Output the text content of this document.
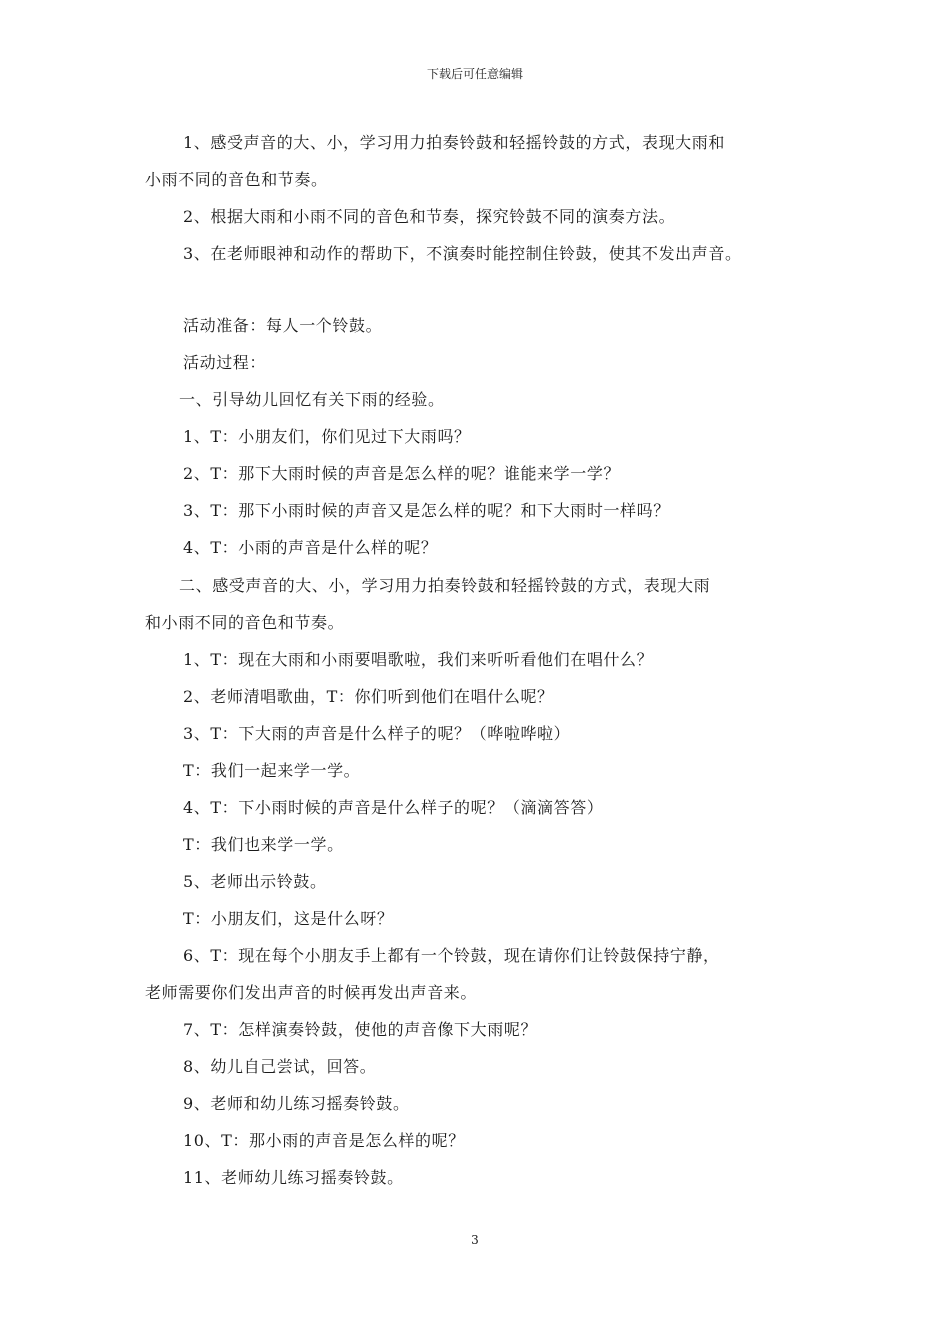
下载后可任意编辑
1、感受声音的大、小，学习用力拍奏铃鼓和轻摇铃鼓的方式，表现大雨和
小雨不同的音色和节奏。
2、根据大雨和小雨不同的音色和节奏，探究铃鼓不同的演奏方法。
3、在老师眼神和动作的帮助下，不演奏时能控制住铃鼓，使其不发出声音。
活动准备：每人一个铃鼓。
活动过程：
一、引导幼儿回忆有关下雨的经验。
1、T：小朋友们，你们见过下大雨吗？
2、T：那下大雨时候的声音是怎么样的呢？谁能来学一学？
3、T：那下小雨时候的声音又是怎么样的呢？和下大雨时一样吗？
4、T：小雨的声音是什么样的呢？
二、感受声音的大、小，学习用力拍奏铃鼓和轻摇铃鼓的方式，表现大雨
和小雨不同的音色和节奏。
1、T：现在大雨和小雨要唱歌啦，我们来听听看他们在唱什么？
2、老师清唱歌曲，T：你们听到他们在唱什么呢？
3、T：下大雨的声音是什么样子的呢？（哗啦哗啦）
T：我们一起来学一学。
4、T：下小雨时候的声音是什么样子的呢？（滴滴答答）
T：我们也来学一学。
5、老师出示铃鼓。
T：小朋友们，这是什么呀？
6、T：现在每个小朋友手上都有一个铃鼓，现在请你们让铃鼓保持宁静，
老师需要你们发出声音的时候再发出声音来。
7、T：怎样演奏铃鼓，使他的声音像下大雨呢？
8、幼儿自己尝试，回答。
9、老师和幼儿练习摇奏铃鼓。
10、T：那小雨的声音是怎么样的呢？
11、老师幼儿练习摇奏铃鼓。
3
